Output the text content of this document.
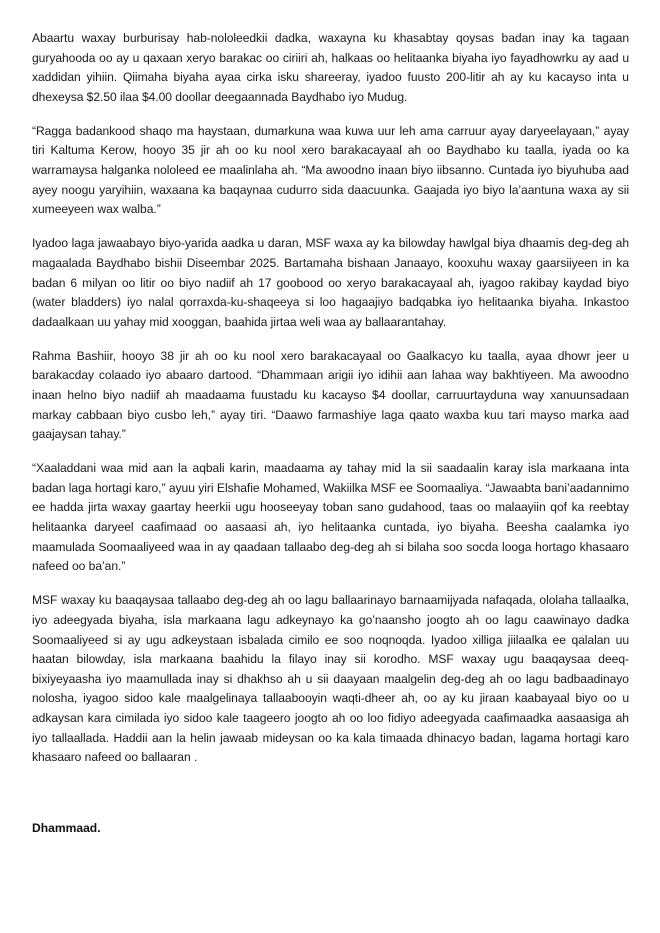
Abaartu waxay burburisay hab-nololeedkii dadka, waxayna ku khasabtay qoysas badan inay ka tagaan guryahooda oo ay u qaxaan xeryo barakac oo ciriiri ah, halkaas oo helitaanka biyaha iyo fayadhowrku ay aad u xaddidan yihiin. Qiimaha biyaha ayaa cirka isku shareeray, iyadoo fuusto 200-litir ah ay ku kacayso inta u dhexeysa $2.50 ilaa $4.00 doollar deegaannada Baydhabo iyo Mudug.

“Ragga badankood shaqo ma haystaan, dumarkuna waa kuwa uur leh ama carruur ayay daryeelayaan,” ayay tiri Kaltuma Kerow, hooyo 35 jir ah oo ku nool xero barakacayaal ah oo Baydhabo ku taalla, iyada oo ka warramaysa halganka nololeed ee maalinlaha ah. “Ma awoodno inaan biyo iibsanno. Cuntada iyo biyuhuba aad ayey noogu yaryihiin, waxaana ka baqaynaa cudurro sida daacuunka. Gaajada iyo biyo la’aantuna waxa ay sii xumeeyeen wax walba.”

Iyadoo laga jawaabayo biyo-yarida aadka u daran, MSF waxa ay ka bilowday hawlgal biya dhaamis deg-deg ah magaalada Baydhabo bishii Diseembar 2025. Bartamaha bishaan Janaayo, kooxuhu waxay gaarsiiyeen in ka badan 6 milyan oo litir oo biyo nadiif ah 17 goobood oo xeryo barakacayaal ah, iyagoo rakibay kaydad biyo (water bladders) iyo nalal qorraxda-ku-shaqeeya si loo hagaajiyo badqabka iyo helitaanka biyaha. Inkastoo dadaalkaan uu yahay mid xooggan, baahida jirtaa weli waa ay ballaarantahay.

Rahma Bashiir, hooyo 38 jir ah oo ku nool xero barakacayaal oo Gaalkacyo ku taalla, ayaa dhowr jeer u barakacday colaado iyo abaaro dartood. “Dhammaan arigii iyo idihii aan lahaa way bakhtiyeen. Ma awoodno inaan helno biyo nadiif ah maadaama fuustadu ku kacayso $4 doollar, carruurtayduna way xanuunsadaan markay cabbaan biyo cusbo leh,” ayay tiri. “Daawo farmashiye laga qaato waxba kuu tari mayso marka aad gaajaysan tahay.”

“Xaaladdani waa mid aan la aqbali karin, maadaama ay tahay mid la sii saadaalin karay isla markaana inta badan laga hortagi karo,” ayuu yiri Elshafie Mohamed, Wakiilka MSF ee Soomaaliya. “Jawaabta bani’aadannimo ee hadda jirta waxay gaartay heerkii ugu hooseeyay toban sano gudahood, taas oo malaayiin qof ka reebtay helitaanka daryeel caafimaad oo aasaasi ah, iyo helitaanka cuntada, iyo biyaha. Beesha caalamka iyo maamulada Soomaaliyeed waa in ay qaadaan tallaabo deg-deg ah si bilaha soo socda looga hortago khasaaro nafeed oo ba’an.”

MSF waxay ku baaqaysaa tallaabo deg-deg ah oo lagu ballaarinayo barnaamijyada nafaqada, ololaha tallaalka, iyo adeegyada biyaha, isla markaana lagu adkeynayo ka go’naansho joogto ah oo lagu caawinayo dadka Soomaaliyeed si ay ugu adkeystaan isbalada cimilo ee soo noqnoqda. Iyadoo xilliga jiilaalka ee qalalan uu haatan bilowday, isla markaana baahidu la filayo inay sii korodho. MSF waxay ugu baaqaysaa deeq-bixiyeyaasha iyo maamullada inay si dhakhso ah u sii daayaan maalgelin deg-deg ah oo lagu badbaadinayo nolosha, iyagoo sidoo kale maalgelinaya tallaabooyin waqti-dheer ah, oo ay ku jiraan kaabayaal biyo oo u adkaysan kara cimilada iyo sidoo kale taageero joogto ah oo loo fidiyo adeegyada caafimaadka aasaasiga ah iyo tallaallada. Haddii aan la helin jawaab mideysan oo ka kala timaada dhinacyo badan, lagama hortagi karo khasaaro nafeed oo ballaaran .

Dhammaad.
